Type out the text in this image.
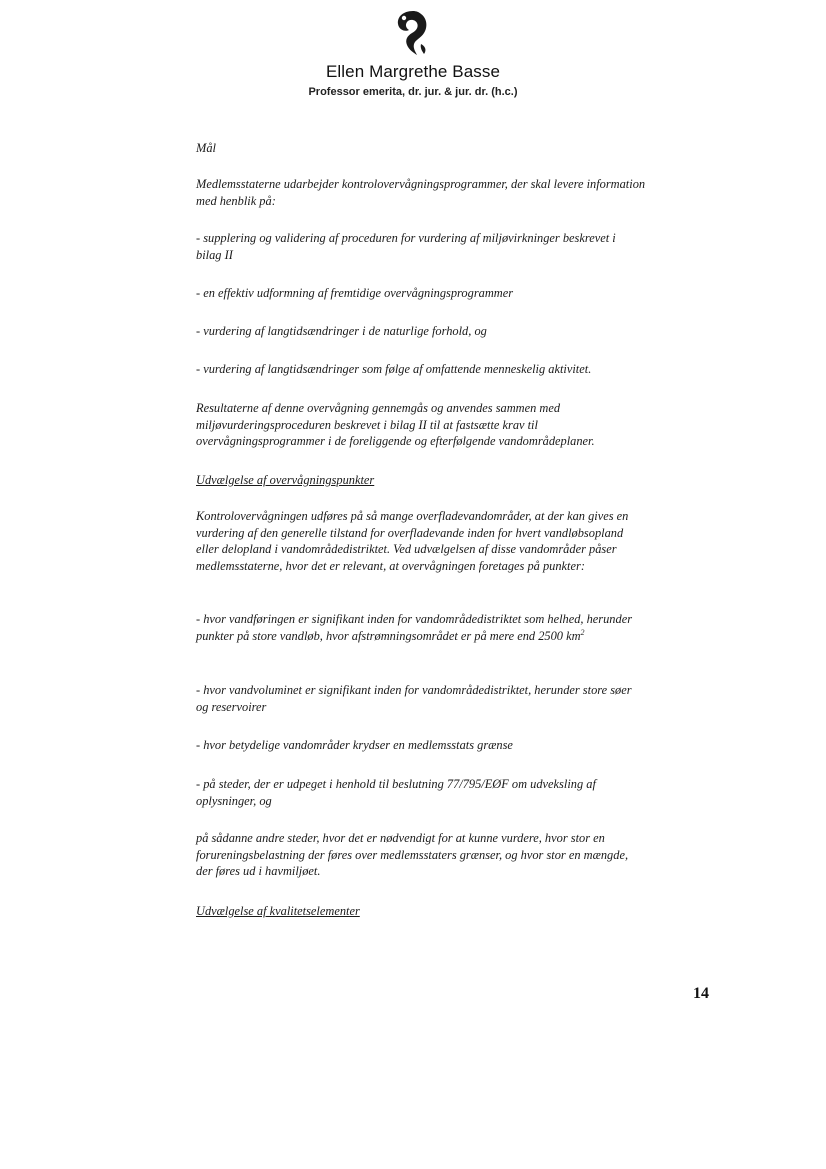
Ellen Margrethe Basse
Professor emerita, dr. jur. & jur. dr. (h.c.)
Mål
Medlemsstaterne udarbejder kontrolovervågningsprogrammer, der skal levere information med henblik på:
- supplering og validering af proceduren for vurdering af miljøvirkninger beskrevet i bilag II
- en effektiv udformning af fremtidige overvågningsprogrammer
- vurdering af langtidsændringer i de naturlige forhold, og
- vurdering af langtidsændringer som følge af omfattende menneskelig aktivitet.
Resultaterne af denne overvågning gennemgås og anvendes sammen med miljøvurderingsproceduren beskrevet i bilag II til at fastsætte krav til overvågningsprogrammer i de foreliggende og efterfølgende vandområdeplaner.
Udvælgelse af overvågningspunkter
Kontrolovervågningen udføres på så mange overfladevandområder, at der kan gives en vurdering af den generelle tilstand for overfladevande inden for hvert vandløbsopland eller delopland i vandområdedistriktet. Ved udvælgelsen af disse vandområder påser medlemsstaterne, hvor det er relevant, at overvågningen foretages på punkter:
- hvor vandføringen er signifikant inden for vandområdedistriktet som helhed, herunder punkter på store vandløb, hvor afstrømningsområdet er på mere end 2500 $km^2$
- hvor vandvoluminet er signifikant inden for vandområdedistriktet, herunder store søer og reservoirer
- hvor betydelige vandområder krydser en medlemsstats grænse
- på steder, der er udpeget i henhold til beslutning 77/795/EØF om udveksling af oplysninger, og
på sådanne andre steder, hvor det er nødvendigt for at kunne vurdere, hvor stor en forureningsbelastning der føres over medlemsstaters grænser, og hvor stor en mængde, der føres ud i havmiljøet.
Udvælgelse af kvalitetselementer
14
